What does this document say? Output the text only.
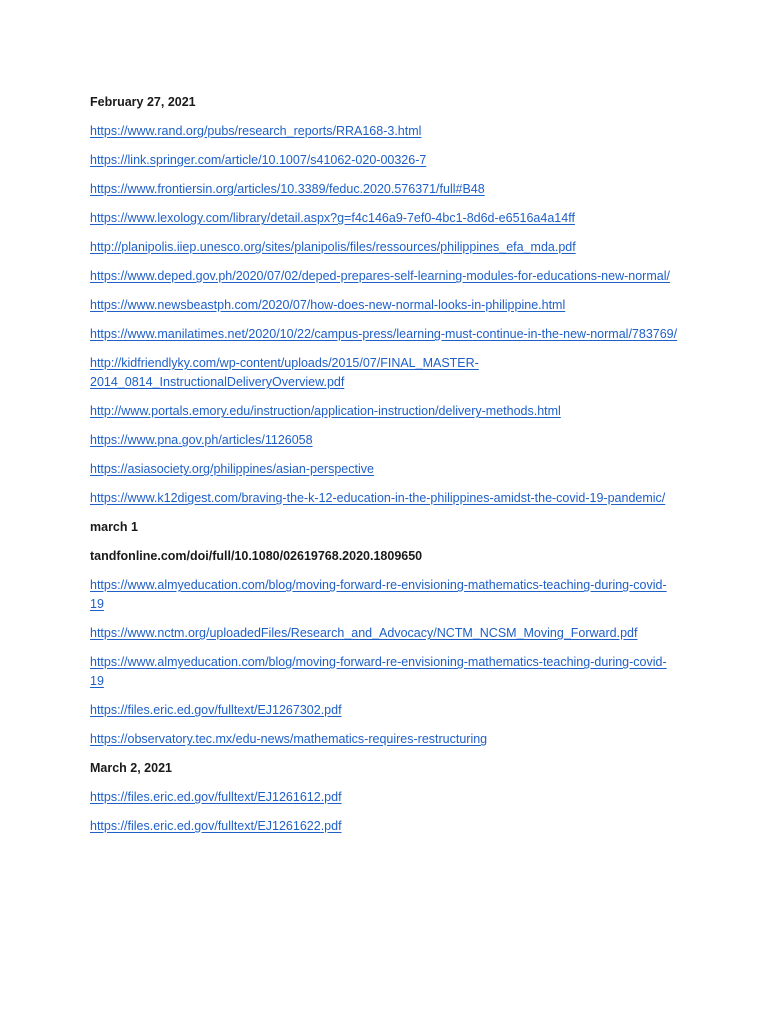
February 27, 2021
https://www.rand.org/pubs/research_reports/RRA168-3.html
https://link.springer.com/article/10.1007/s41062-020-00326-7
https://www.frontiersin.org/articles/10.3389/feduc.2020.576371/full#B48
https://www.lexology.com/library/detail.aspx?g=f4c146a9-7ef0-4bc1-8d6d-e6516a4a14ff
http://planipolis.iiep.unesco.org/sites/planipolis/files/ressources/philippines_efa_mda.pdf
https://www.deped.gov.ph/2020/07/02/deped-prepares-self-learning-modules-for-educations-new-normal/
https://www.newsbeastph.com/2020/07/how-does-new-normal-looks-in-philippine.html
https://www.manilatimes.net/2020/10/22/campus-press/learning-must-continue-in-the-new-normal/783769/
http://kidfriendlyky.com/wp-content/uploads/2015/07/FINAL_MASTER-2014_0814_InstructionalDeliveryOverview.pdf
http://www.portals.emory.edu/instruction/application-instruction/delivery-methods.html
https://www.pna.gov.ph/articles/1126058
https://asiasociety.org/philippines/asian-perspective
https://www.k12digest.com/braving-the-k-12-education-in-the-philippines-amidst-the-covid-19-pandemic/
march 1
tandfonline.com/doi/full/10.1080/02619768.2020.1809650
https://www.almyeducation.com/blog/moving-forward-re-envisioning-mathematics-teaching-during-covid-19
https://www.nctm.org/uploadedFiles/Research_and_Advocacy/NCTM_NCSM_Moving_Forward.pdf
https://www.almyeducation.com/blog/moving-forward-re-envisioning-mathematics-teaching-during-covid-19
https://files.eric.ed.gov/fulltext/EJ1267302.pdf
https://observatory.tec.mx/edu-news/mathematics-requires-restructuring
March 2, 2021
https://files.eric.ed.gov/fulltext/EJ1261612.pdf
https://files.eric.ed.gov/fulltext/EJ1261622.pdf
